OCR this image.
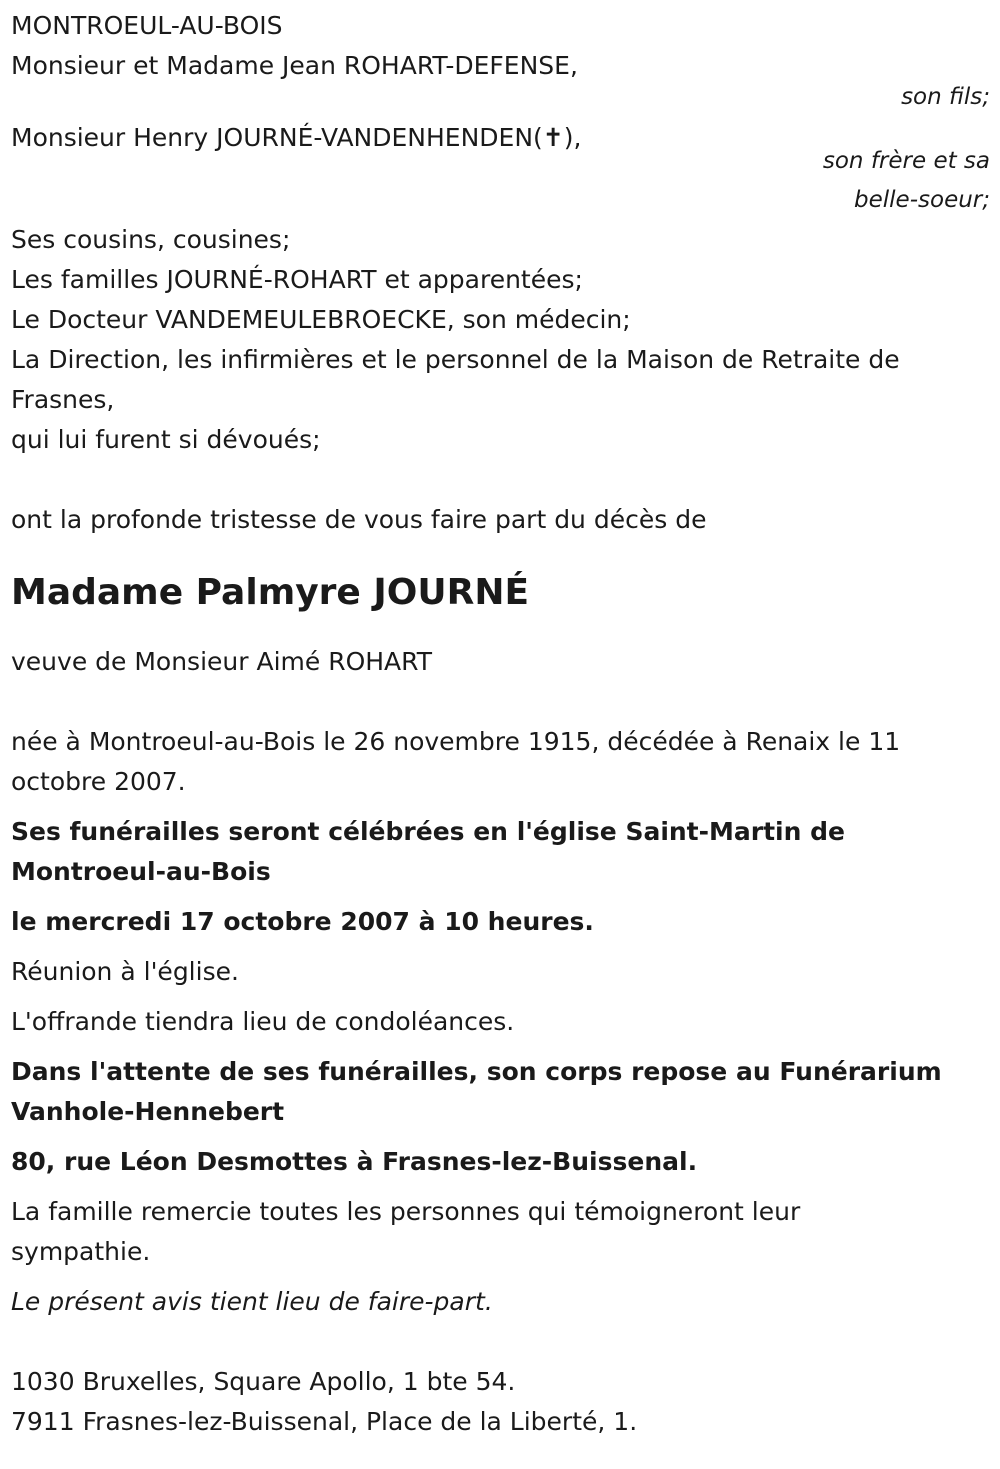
MONTROEUL-AU-BOIS
Monsieur et Madame Jean ROHART-DEFENSE,
son fils;
Monsieur Henry JOURNÉ-VANDENHENDEN(✝),
son frère et sa
belle-soeur;
Ses cousins, cousines;
Les familles JOURNÉ-ROHART et apparentées;
Le Docteur VANDEMEULEBROECKE, son médecin;
La Direction, les infirmières et le personnel de la Maison de Retraite de Frasnes,
qui lui furent si dévoués;
ont la profonde tristesse de vous faire part du décès de
Madame Palmyre JOURNÉ
veuve de Monsieur Aimé ROHART
née à Montroeul-au-Bois le 26 novembre 1915, décédée à Renaix le 11 octobre 2007.
Ses funérailles seront célébrées en l'église Saint-Martin de Montroeul-au-Bois
le mercredi 17 octobre 2007 à 10 heures.
Réunion à l'église.
L'offrande tiendra lieu de condoléances.
Dans l'attente de ses funérailles, son corps repose au Funérarium Vanhole-Hennebert
80, rue Léon Desmottes à Frasnes-lez-Buissenal.
La famille remercie toutes les personnes qui témoigneront leur sympathie.
Le présent avis tient lieu de faire-part.
1030 Bruxelles, Square Apollo, 1 bte 54.
7911 Frasnes-lez-Buissenal, Place de la Liberté, 1.
